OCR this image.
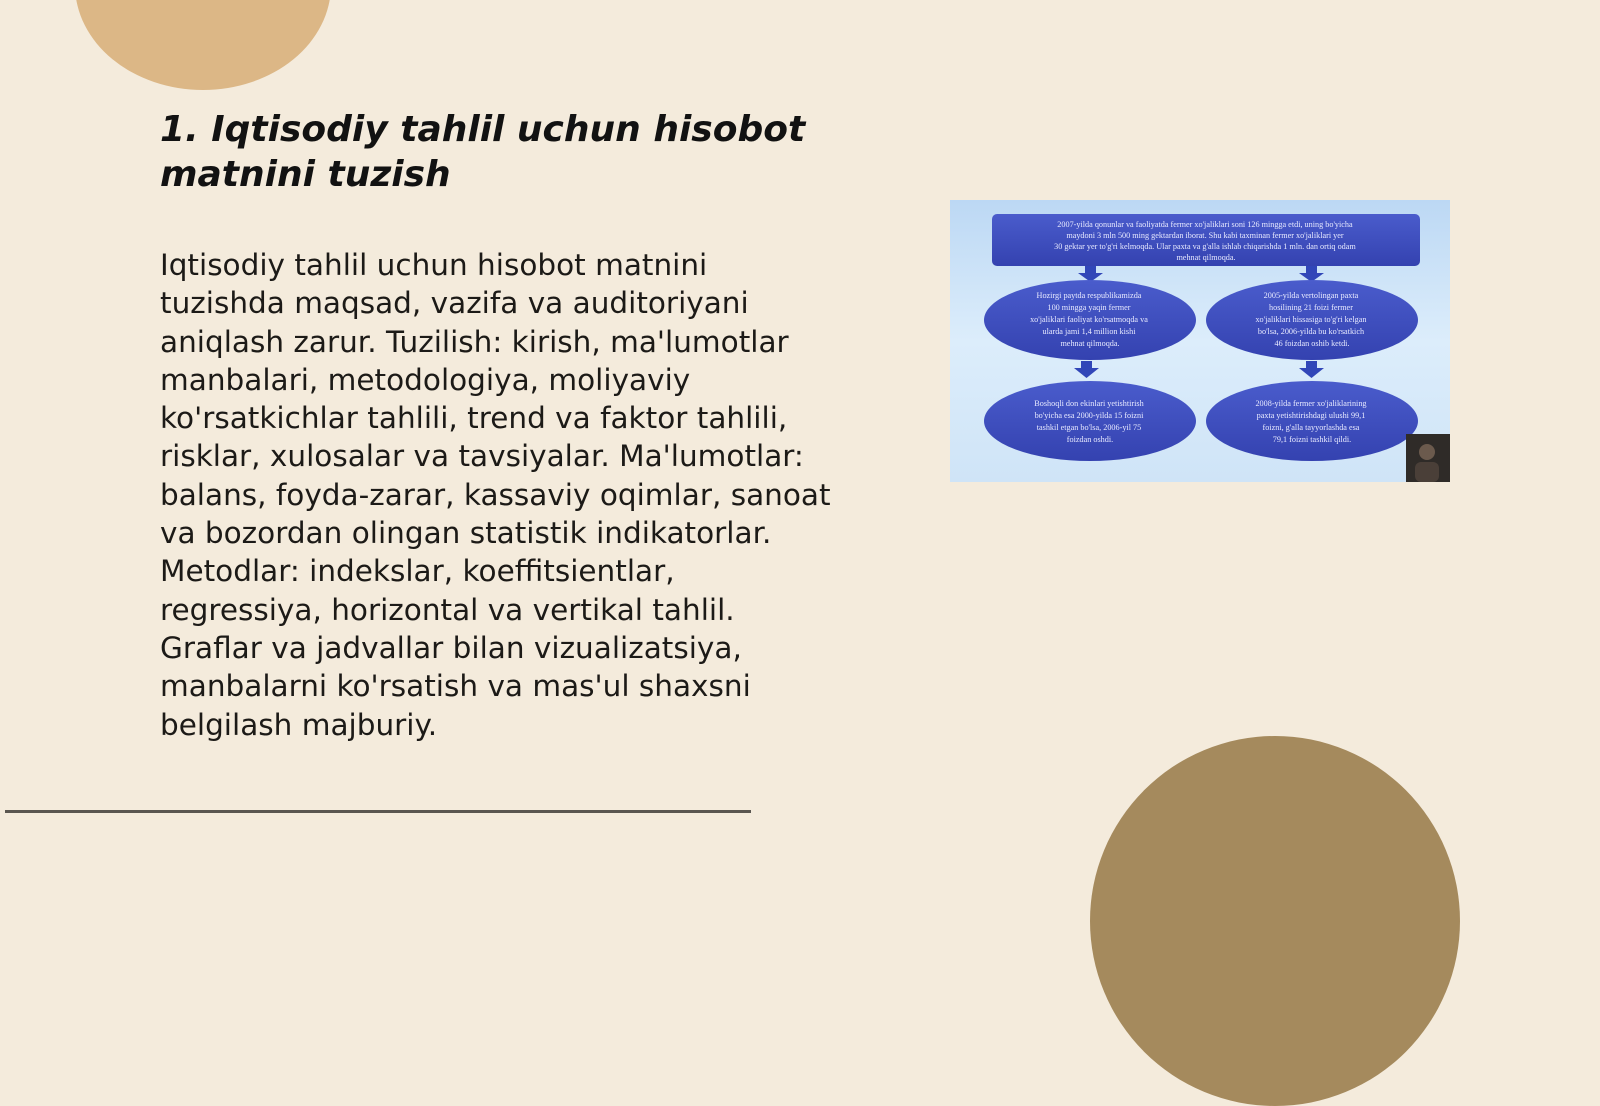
1. Iqtisodiy tahlil uchun hisobot matnini tuzish

Iqtisodiy tahlil uchun hisobot matnini tuzishda maqsad, vazifa va auditoriyani aniqlash zarur. Tuzilish: kirish, ma'lumotlar manbalari, metodologiya, moliyaviy ko'rsatkichlar tahlili, trend va faktor tahlili, risklar, xulosalar va tavsiyalar. Ma'lumotlar: balans, foyda-zarar, kassaviy oqimlar, sanoat va bozordan olingan statistik indikatorlar. Metodlar: indekslar, koeffitsientlar, regressiya, horizontal va vertikal tahlil. Graflar va jadvallar bilan vizualizatsiya, manbalarni ko'rsatish va mas'ul shaxsni belgilash majburiy.

2007-yilda qonunlar va faoliyatda fermer xo'jaliklari soni 126 mingga etdi, uning bo'yicha maydoni 3 mln 500 ming gektardan iborat. Shu kabi taxminan fermer xo'jaliklari yer 30 gektar yer to'g'ri kelmoqda. Ular paxta va g'alla ishlab chiqarishda 1 mln. dan ortiq odam mehnat qilmoqda.
Hozirgi paytda respublikamizda 100 mingga yaqin fermer xo'jaliklari faoliyat ko'rsatmoqda va ularda jami 1,4 million kishi mehnat qilmoqda.
2005-yilda vertolingan paxta hosilining 21 foizi fermer xo'jaliklari hissasiga to'g'ri kelgan bo'lsa, 2006-yilda bu ko'rsatkich 46 foizdan oshib ketdi.
Boshoqli don ekinlari yetishtirish bo'yicha esa 2000-yilda 15 foizni tashkil etgan bo'lsa, 2006-yil 75 foizdan oshdi.
2008-yilda fermer xo'jaliklarining paxta yetishtirishdagi ulushi 99,1 foizni, g'alla tayyorlashda esa 79,1 foizni tashkil qildi.
